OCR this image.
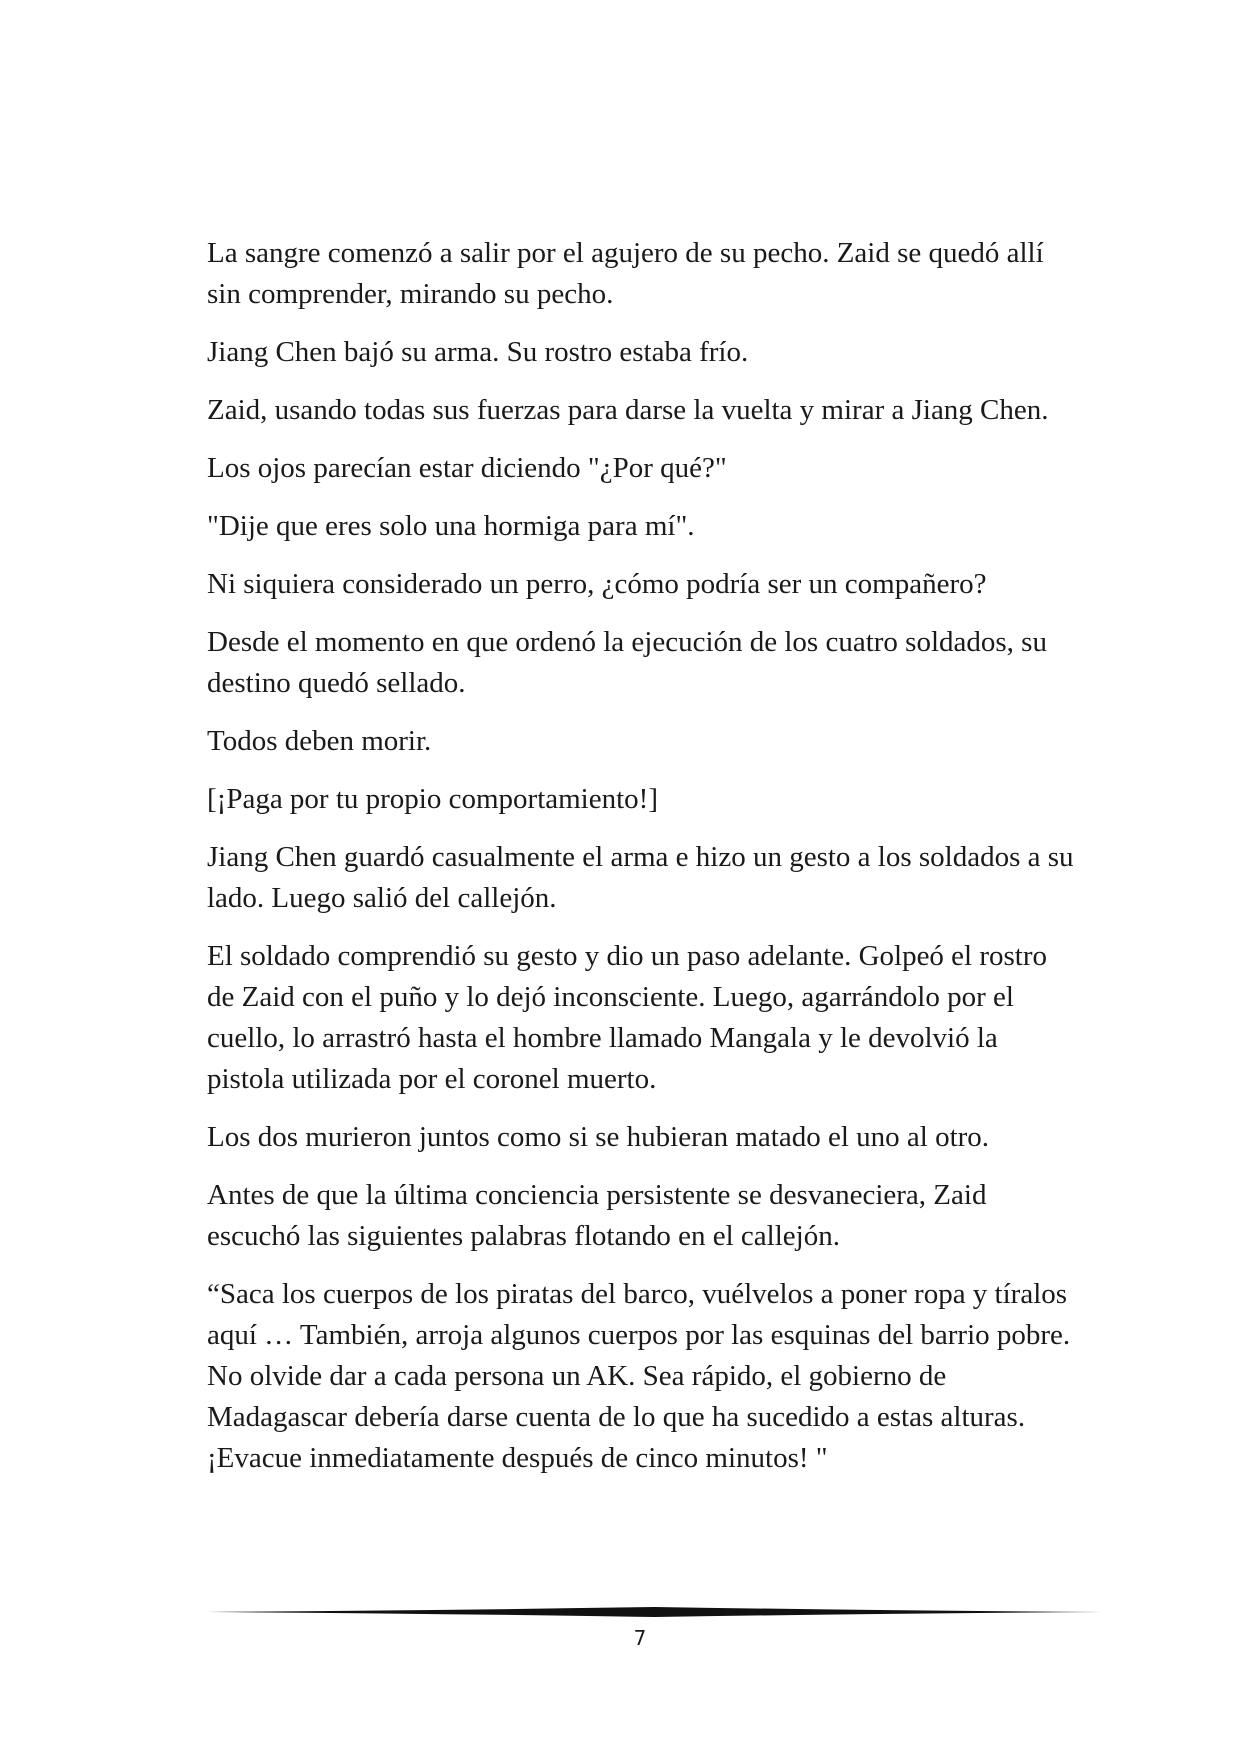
La sangre comenzó a salir por el agujero de su pecho. Zaid se quedó allí sin comprender, mirando su pecho.

Jiang Chen bajó su arma. Su rostro estaba frío.

Zaid, usando todas sus fuerzas para darse la vuelta y mirar a Jiang Chen.

Los ojos parecían estar diciendo "¿Por qué?"

"Dije que eres solo una hormiga para mí".

Ni siquiera considerado un perro, ¿cómo podría ser un compañero?

Desde el momento en que ordenó la ejecución de los cuatro soldados, su destino quedó sellado.

Todos deben morir.

[¡Paga por tu propio comportamiento!]

Jiang Chen guardó casualmente el arma e hizo un gesto a los soldados a su lado. Luego salió del callejón.

El soldado comprendió su gesto y dio un paso adelante. Golpeó el rostro de Zaid con el puño y lo dejó inconsciente. Luego, agarrándolo por el cuello, lo arrastró hasta el hombre llamado Mangala y le devolvió la pistola utilizada por el coronel muerto.

Los dos murieron juntos como si se hubieran matado el uno al otro.

Antes de que la última conciencia persistente se desvaneciera, Zaid escuchó las siguientes palabras flotando en el callejón.

“Saca los cuerpos de los piratas del barco, vuélvelos a poner ropa y tíralos aquí … También, arroja algunos cuerpos por las esquinas del barrio pobre. No olvide dar a cada persona un AK. Sea rápido, el gobierno de Madagascar debería darse cuenta de lo que ha sucedido a estas alturas. ¡Evacue inmediatamente después de cinco minutos! "

7
